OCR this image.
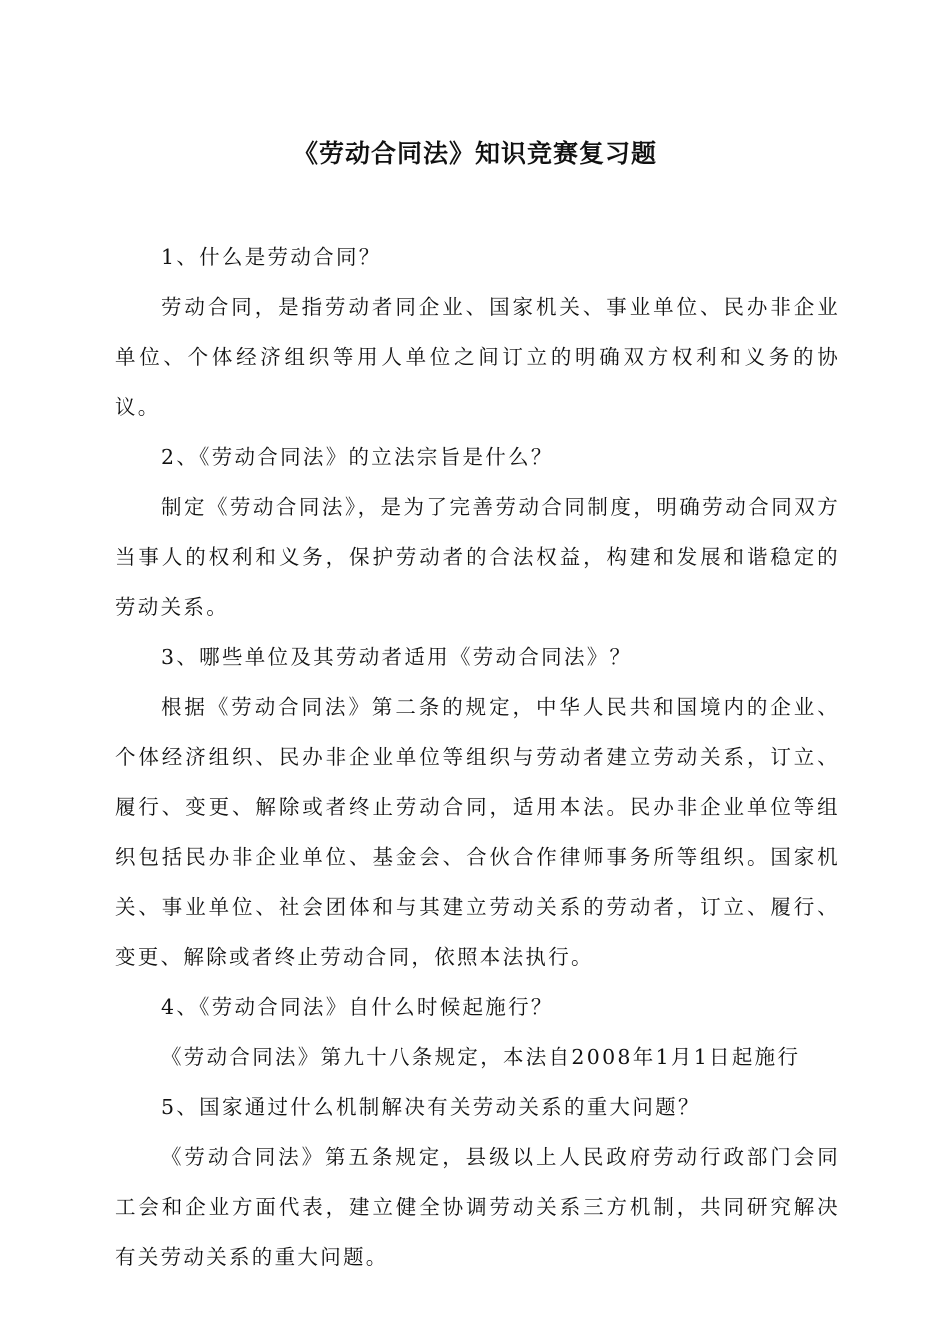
《劳动合同法》知识竞赛复习题

1、什么是劳动合同？

劳动合同，是指劳动者同企业、国家机关、事业单位、民办非企业单位、个体经济组织等用人单位之间订立的明确双方权利和义务的协议。

2、《劳动合同法》的立法宗旨是什么？

制定《劳动合同法》，是为了完善劳动合同制度，明确劳动合同双方当事人的权利和义务，保护劳动者的合法权益，构建和发展和谐稳定的劳动关系。

3、哪些单位及其劳动者适用《劳动合同法》？

根据《劳动合同法》第二条的规定，中华人民共和国境内的企业、个体经济组织、民办非企业单位等组织与劳动者建立劳动关系，订立、履行、变更、解除或者终止劳动合同，适用本法。民办非企业单位等组织包括民办非企业单位、基金会、合伙合作律师事务所等组织。国家机关、事业单位、社会团体和与其建立劳动关系的劳动者，订立、履行、变更、解除或者终止劳动合同，依照本法执行。

4、《劳动合同法》自什么时候起施行？

《劳动合同法》第九十八条规定，本法自2008年1月1日起施行

5、国家通过什么机制解决有关劳动关系的重大问题？

《劳动合同法》第五条规定，县级以上人民政府劳动行政部门会同工会和企业方面代表，建立健全协调劳动关系三方机制，共同研究解决有关劳动关系的重大问题。
